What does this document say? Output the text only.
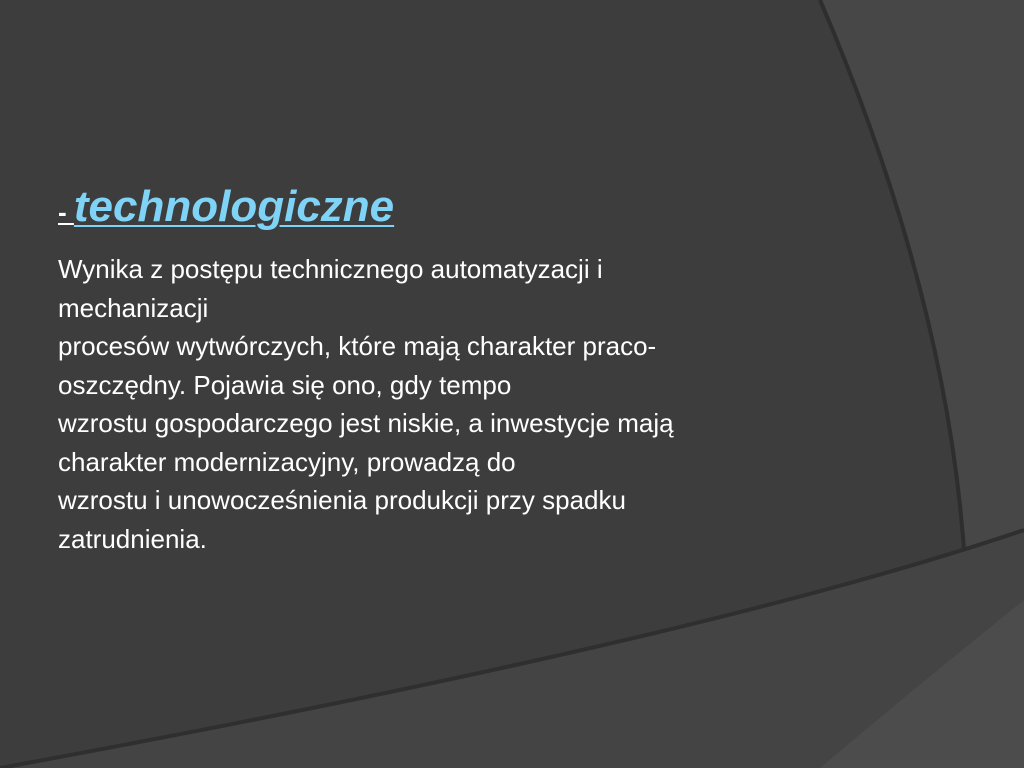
- technologiczne
Wynika z postępu technicznego automatyzacji i
mechanizacji
procesów wytwórczych, które mają charakter praco-
oszczędny. Pojawia się ono, gdy tempo
wzrostu gospodarczego jest niskie, a inwestycje mają
charakter modernizacyjny, prowadzą do
wzrostu i unowocześnienia produkcji przy spadku
zatrudnienia.
